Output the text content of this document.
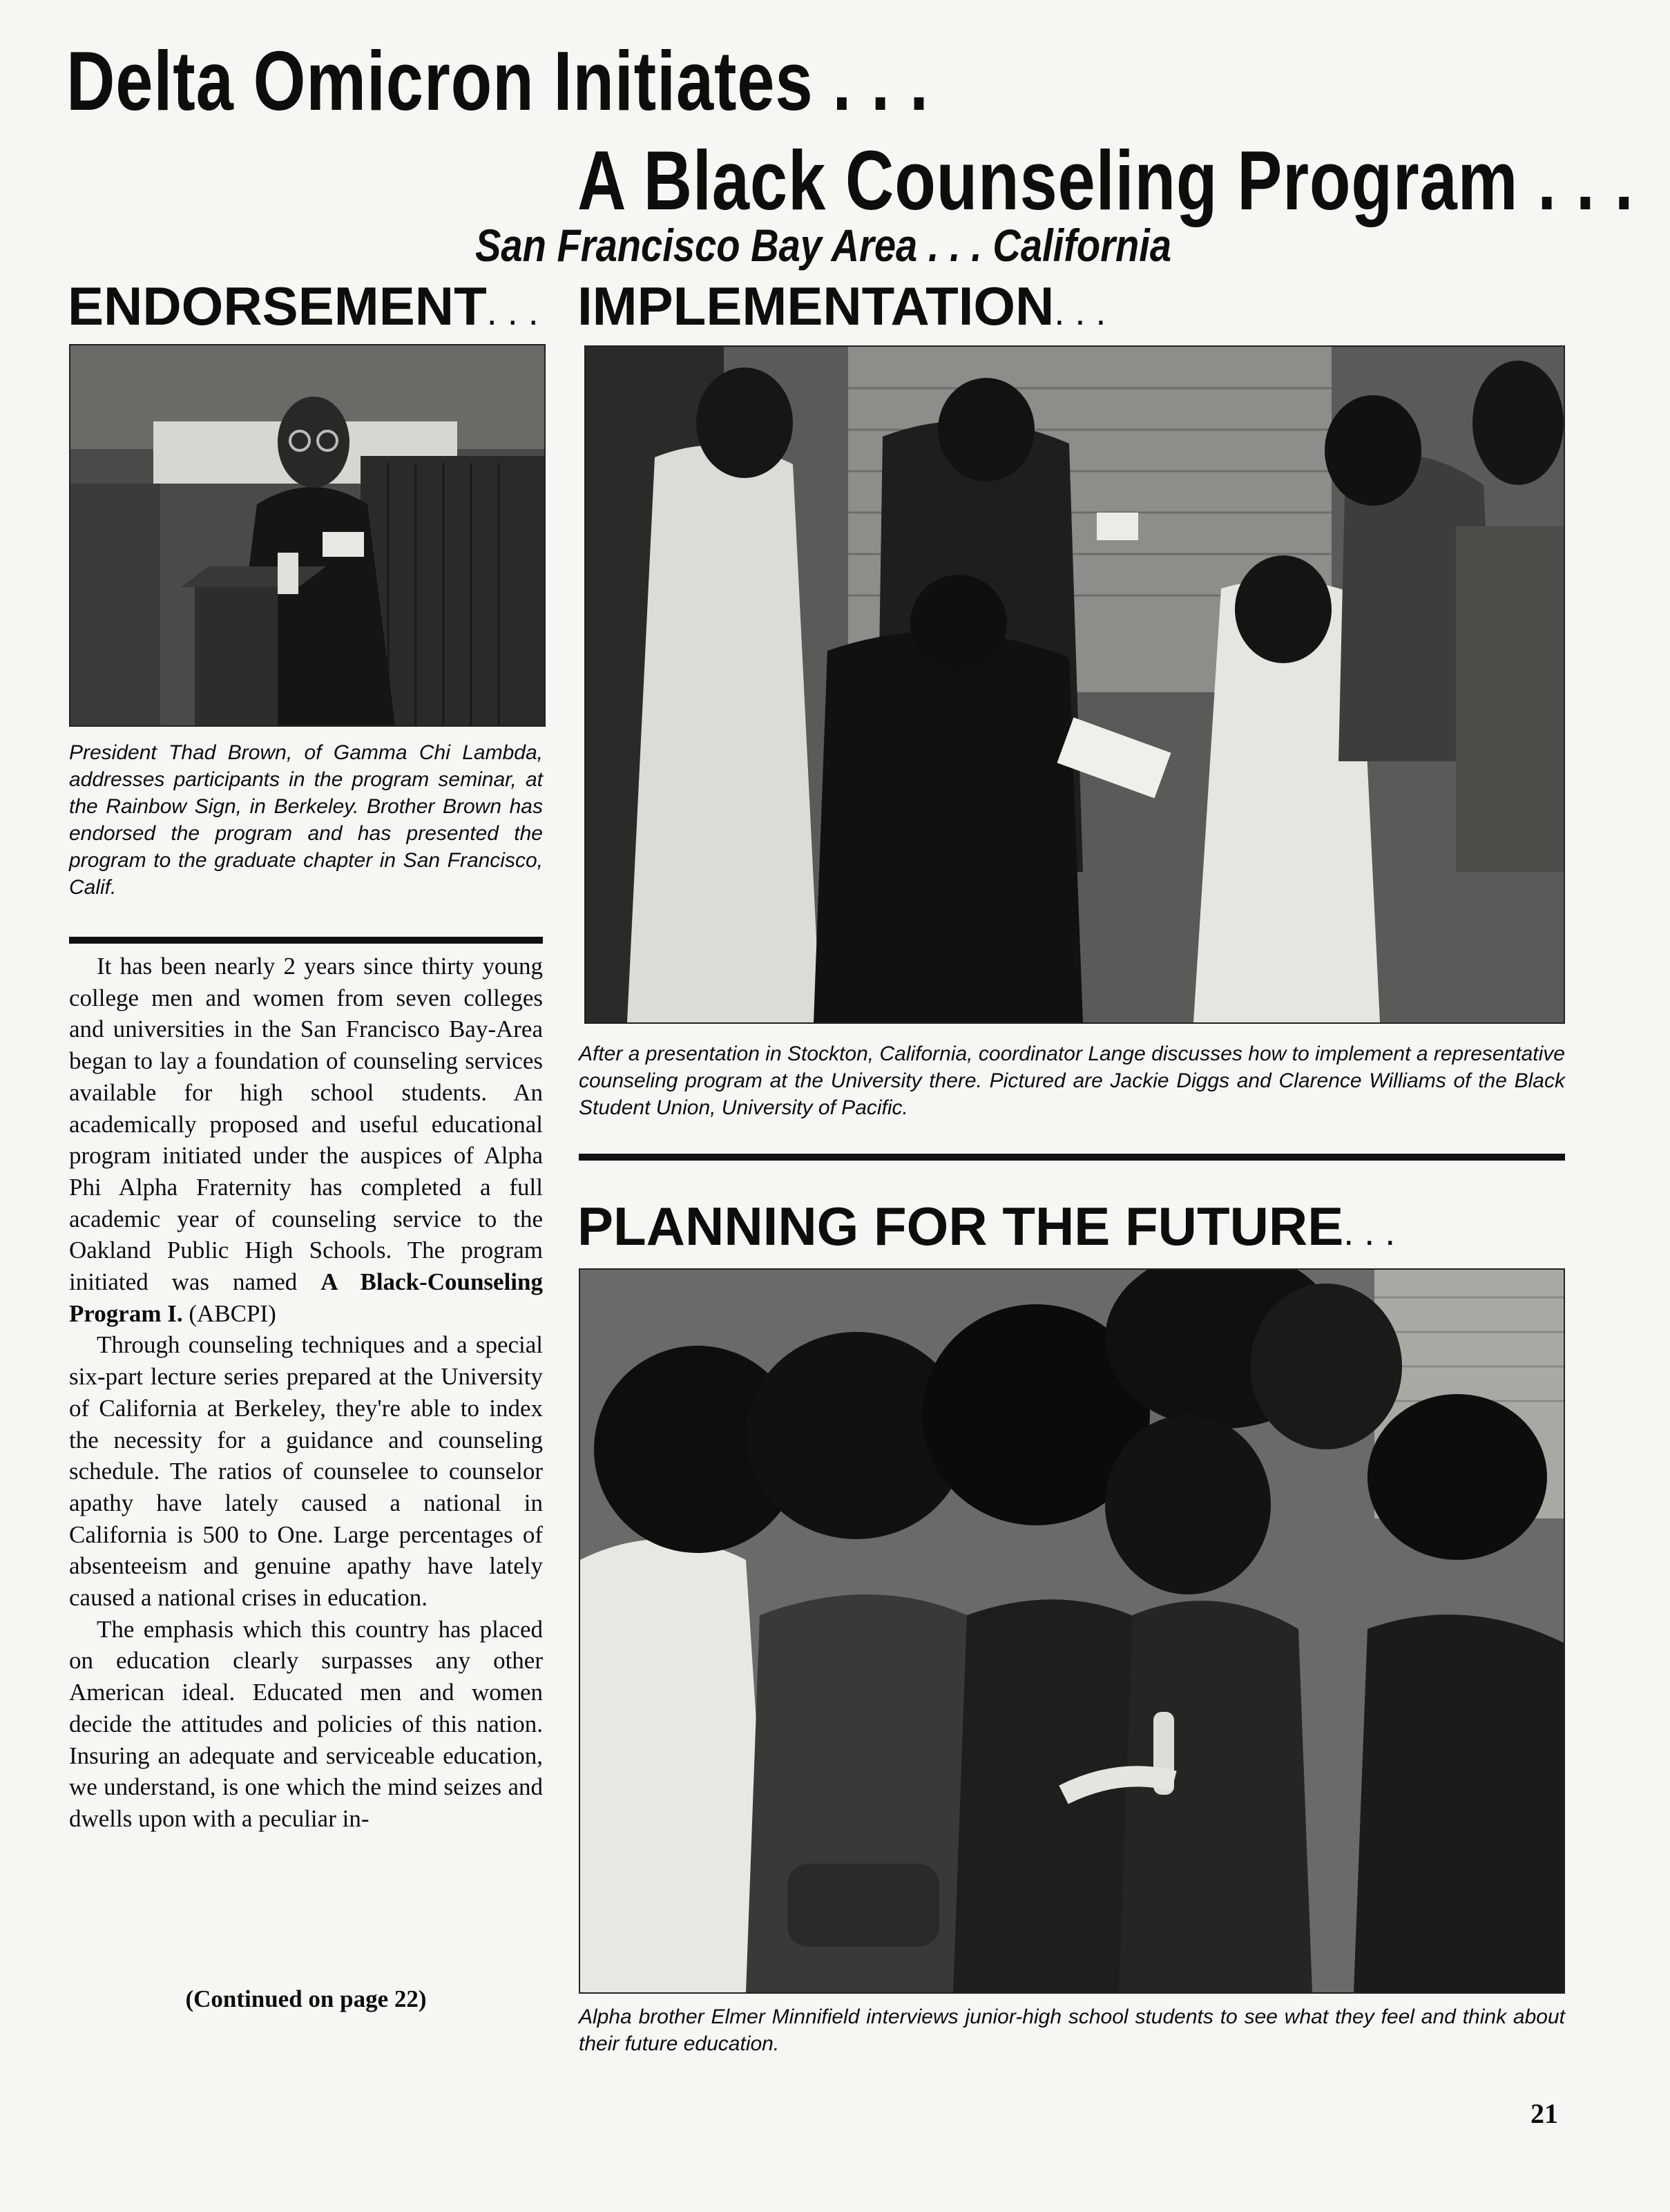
Delta Omicron Initiates . . .
A Black Counseling Program . . .
San Francisco Bay Area . . . California
ENDORSEMENT. . . IMPLEMENTATION. . .
President Thad Brown, of Gamma Chi Lambda, addresses participants in the program seminar, at the Rainbow Sign, in Berkeley. Brother Brown has endorsed the program and has presented the program to the graduate chapter in San Francisco, Calif.

It has been nearly 2 years since thirty young college men and women from seven colleges and universities in the San Francisco Bay-Area began to lay a foundation of counseling services available for high school students. An academically proposed and useful educational program initiated under the auspices of Alpha Phi Alpha Fraternity has completed a full academic year of counseling service to the Oakland Public High Schools. The program initiated was named A Black-Counseling Program I. (ABCPI)

Through counseling techniques and a special six-part lecture series prepared at the University of California at Berkeley, they're able to index the necessity for a guidance and counseling schedule. The ratios of counselee to counselor apathy have lately caused a national in California is 500 to One. Large percentages of absenteeism and genuine apathy have lately caused a national crises in education.

The emphasis which this country has placed on education clearly surpasses any other American ideal. Educated men and women decide the attitudes and policies of this nation. Insuring an adequate and serviceable education, we understand, is one which the mind seizes and dwells upon with a peculiar in-

(Continued on page 22)
After a presentation in Stockton, California, coordinator Lange discusses how to implement a representative counseling program at the University there. Pictured are Jackie Diggs and Clarence Williams of the Black Student Union, University of Pacific.
PLANNING FOR THE FUTURE. . .
Alpha brother Elmer Minnifield interviews junior-high school students to see what they feel and think about their future education.
21
